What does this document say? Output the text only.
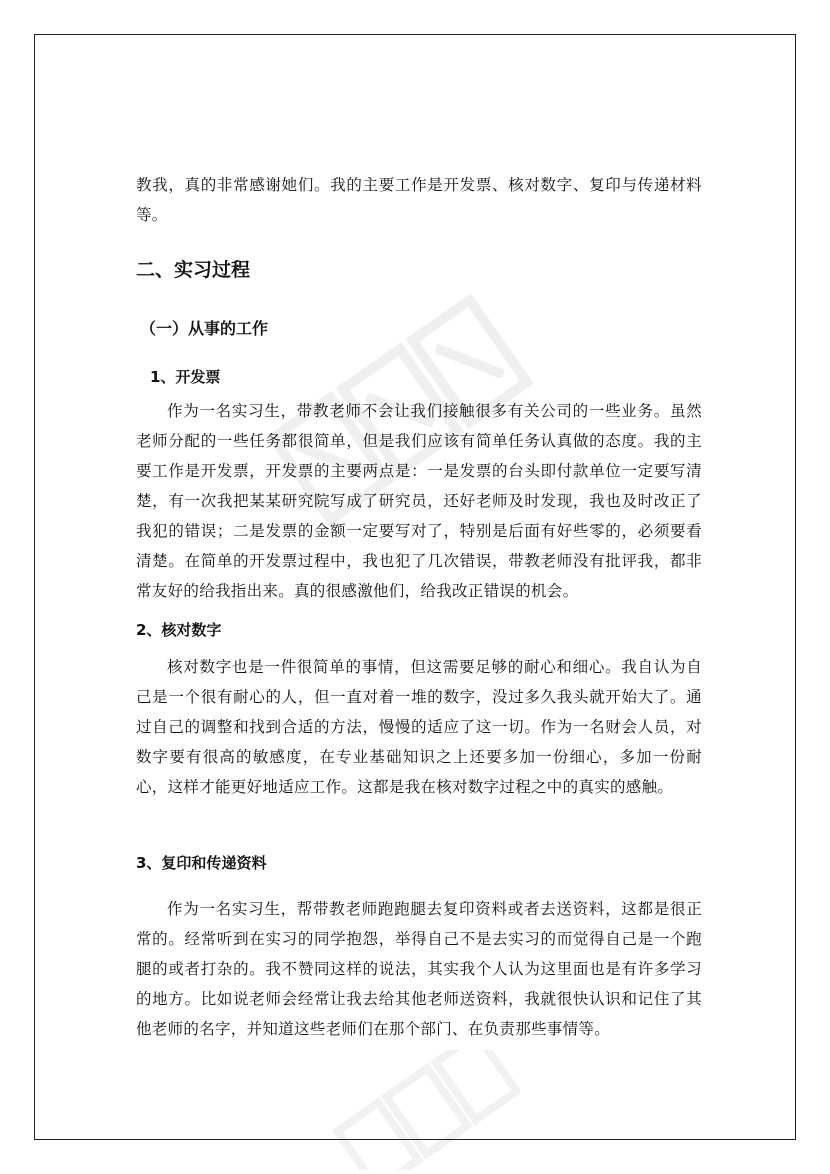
教我，真的非常感谢她们。我的主要工作是开发票、核对数字、复印与传递材料等。

二、实习过程
（一）从事的工作
1、开发票

作为一名实习生，带教老师不会让我们接触很多有关公司的一些业务。虽然老师分配的一些任务都很简单，但是我们应该有简单任务认真做的态度。我的主要工作是开发票，开发票的主要两点是：一是发票的台头即付款单位一定要写清楚，有一次我把某某研究院写成了研究员，还好老师及时发现，我也及时改正了我犯的错误；二是发票的金额一定要写对了，特别是后面有好些零的，必须要看清楚。在简单的开发票过程中，我也犯了几次错误，带教老师没有批评我，都非常友好的给我指出来。真的很感激他们，给我改正错误的机会。

2、核对数字

核对数字也是一件很简单的事情，但这需要足够的耐心和细心。我自认为自己是一个很有耐心的人，但一直对着一堆的数字，没过多久我头就开始大了。通过自己的调整和找到合适的方法，慢慢的适应了这一切。作为一名财会人员，对数字要有很高的敏感度，在专业基础知识之上还要多加一份细心，多加一份耐心，这样才能更好地适应工作。这都是我在核对数字过程之中的真实的感触。

3、复印和传递资料

作为一名实习生，帮带教老师跑跑腿去复印资料或者去送资料，这都是很正常的。经常听到在实习的同学抱怨，举得自己不是去实习的而觉得自己是一个跑腿的或者打杂的。我不赞同这样的说法，其实我个人认为这里面也是有许多学习的地方。比如说老师会经常让我去给其他老师送资料，我就很快认识和记住了其他老师的名字，并知道这些老师们在那个部门、在负责那些事情等。
